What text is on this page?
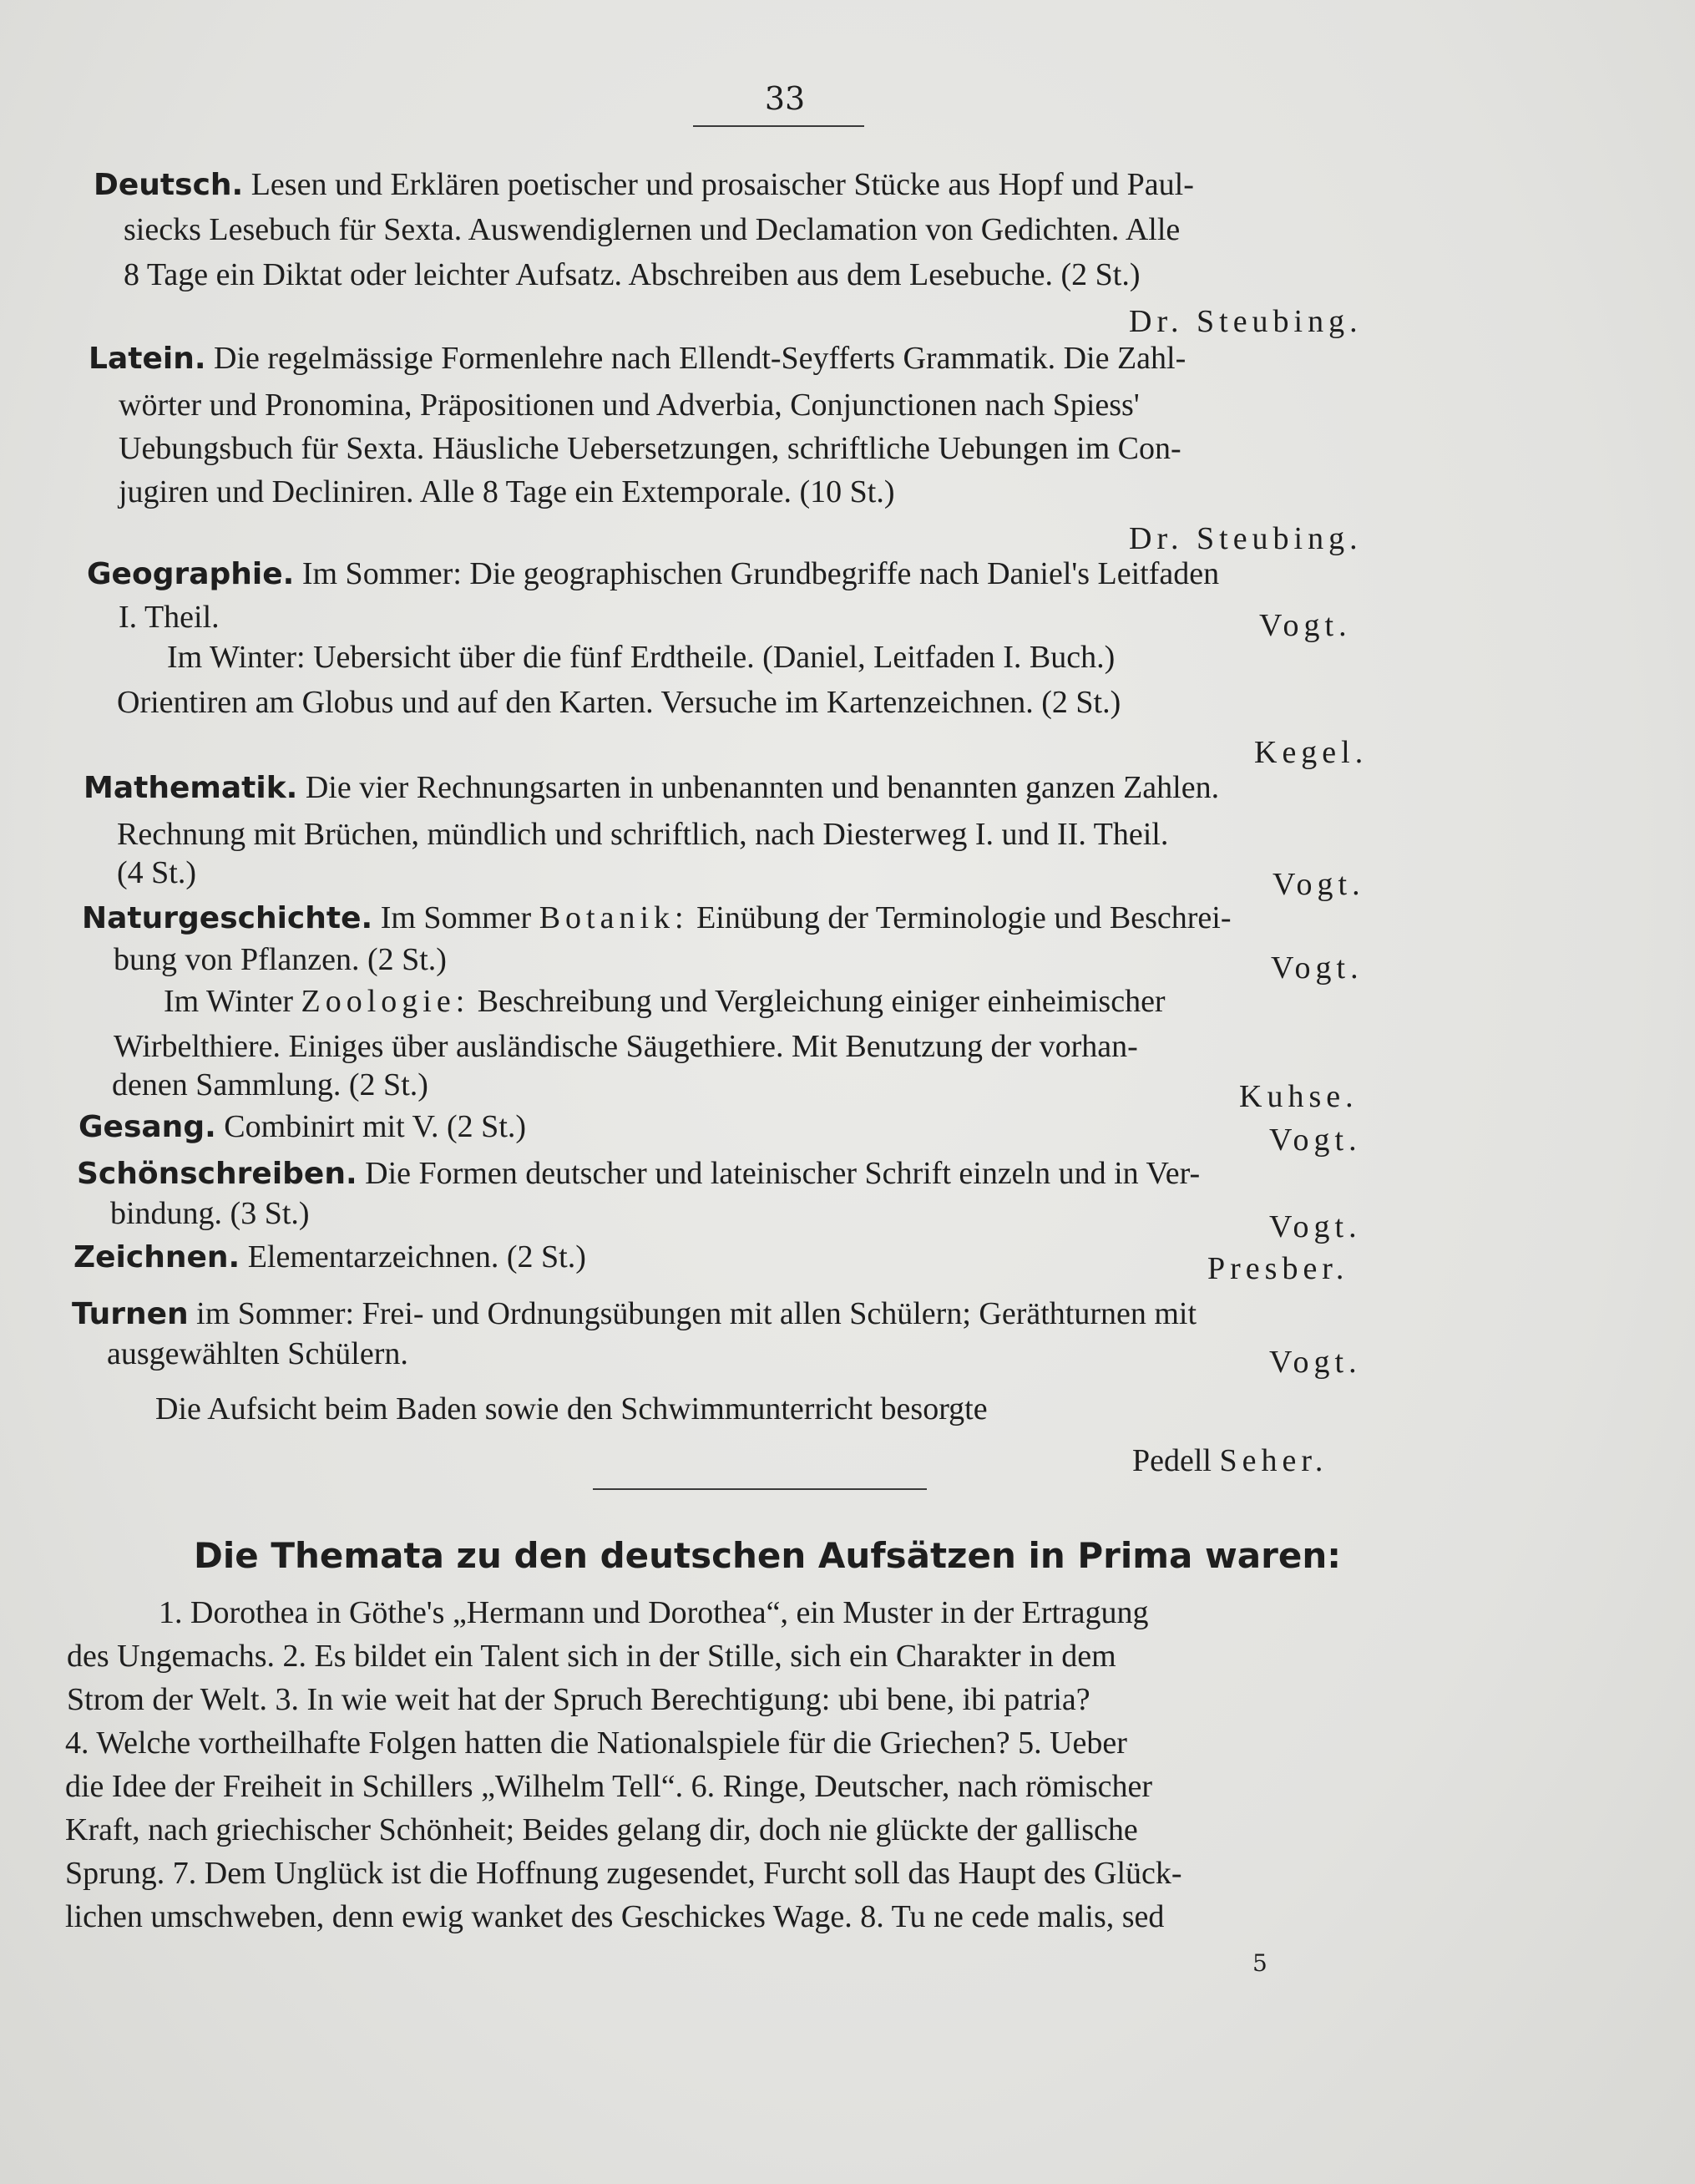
33
Deutsch. Lesen und Erklären poetischer und prosaischer Stücke aus Hopf und Paul-
siecks Lesebuch für Sexta. Auswendiglernen und Declamation von Gedichten. Alle
8 Tage ein Diktat oder leichter Aufsatz. Abschreiben aus dem Lesebuche. (2 St.)
Dr. Steubing.
Latein. Die regelmässige Formenlehre nach Ellendt-Seyfferts Grammatik. Die Zahl-
wörter und Pronomina, Präpositionen und Adverbia, Conjunctionen nach Spiess'
Uebungsbuch für Sexta. Häusliche Uebersetzungen, schriftliche Uebungen im Con-
jugiren und Decliniren. Alle 8 Tage ein Extemporale. (10 St.)
Dr. Steubing.
Geographie. Im Sommer: Die geographischen Grundbegriffe nach Daniel's Leitfaden
I. Theil.	Vogt.
Im Winter: Uebersicht über die fünf Erdtheile. (Daniel, Leitfaden I. Buch.)
Orientiren am Globus und auf den Karten. Versuche im Kartenzeichnen. (2 St.)
Kegel.
Mathematik. Die vier Rechnungsarten in unbenannten und benannten ganzen Zahlen.
Rechnung mit Brüchen, mündlich und schriftlich, nach Diesterweg I. und II. Theil.
(4 St.)	Vogt.
Naturgeschichte. Im Sommer Botanik: Einübung der Terminologie und Beschrei-
bung von Pflanzen. (2 St.)	Vogt.
Im Winter Zoologie: Beschreibung und Vergleichung einiger einheimischer
Wirbelthiere. Einiges über ausländische Säugethiere. Mit Benutzung der vorhan-
denen Sammlung. (2 St.)	Kuhse.
Gesang. Combinirt mit V. (2 St.)	Vogt.
Schönschreiben. Die Formen deutscher und lateinischer Schrift einzeln und in Ver-
bindung. (3 St.)	Vogt.
Zeichnen. Elementarzeichnen. (2 St.)	Presber.
Turnen im Sommer: Frei- und Ordnungsübungen mit allen Schülern; Geräthturnen mit
ausgewählten Schülern.	Vogt.
Die Aufsicht beim Baden sowie den Schwimmunterricht besorgte
Pedell Seher.
Die Themata zu den deutschen Aufsätzen in Prima waren:
1. Dorothea in Göthe's „Hermann und Dorothea“, ein Muster in der Ertragung
des Ungemachs. 2. Es bildet ein Talent sich in der Stille, sich ein Charakter in dem
Strom der Welt. 3. In wie weit hat der Spruch Berechtigung: ubi bene, ibi patria?
4. Welche vortheilhafte Folgen hatten die Nationalspiele für die Griechen? 5. Ueber
die Idee der Freiheit in Schillers „Wilhelm Tell“. 6. Ringe, Deutscher, nach römischer
Kraft, nach griechischer Schönheit; Beides gelang dir, doch nie glückte der gallische
Sprung. 7. Dem Unglück ist die Hoffnung zugesendet, Furcht soll das Haupt des Glück-
lichen umschweben, denn ewig wanket des Geschickes Wage. 8. Tu ne cede malis, sed
5
